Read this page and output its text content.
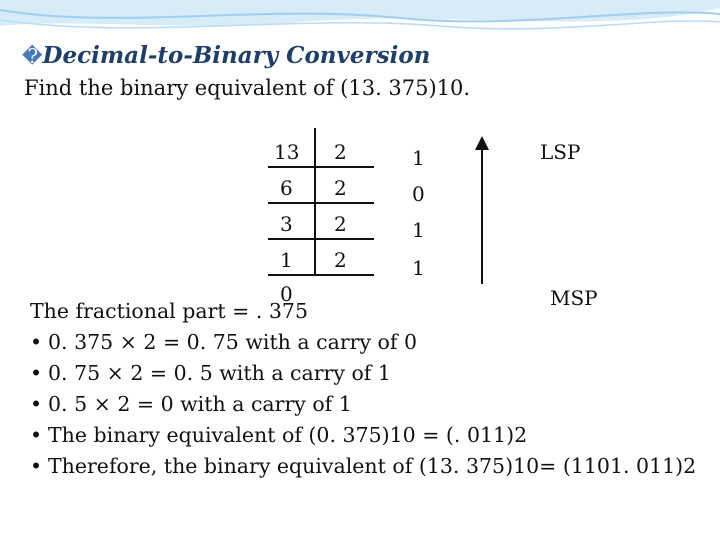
�Decimal-to-Binary Conversion
Find the binary equivalent of (13. 375)10.
13
6
3
1
0
2
2
2
2
1
0
1
1
LSP
MSP
The fractional part = . 375
• 0. 375 × 2 = 0. 75 with a carry of 0
• 0. 75 × 2 = 0. 5 with a carry of 1
• 0. 5 × 2 = 0 with a carry of 1
• The binary equivalent of (0. 375)10 = (. 011)2
• Therefore, the binary equivalent of (13. 375)10= (1101. 011)2
